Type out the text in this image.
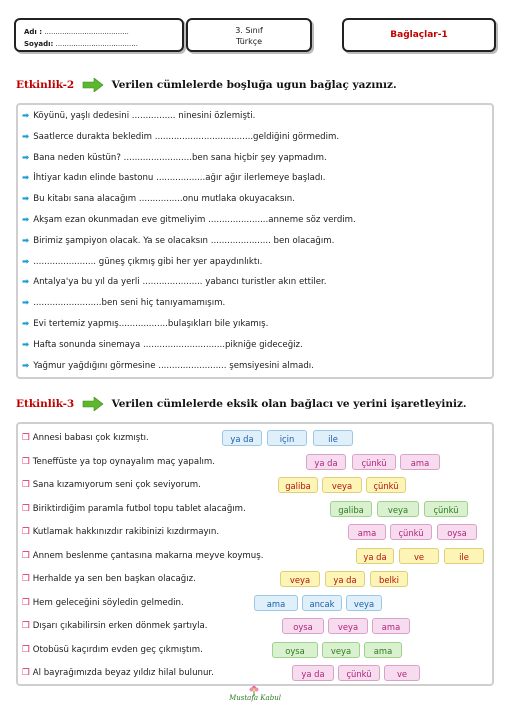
Adı : ......................................
Soyadı: .....................................
3. Sınıf
Türkçe
Bağlaçlar-1
Etkinlik-2	Verilen cümlelerde boşluğa ugun bağlaç yazınız.
➡ Köyünü, yaşlı dedesini ................ ninesini özlemişti.
➡ Saatlerce durakta bekledim ....................................geldiğini görmedim.
➡ Bana neden küstün? .........................ben sana hiçbir şey yapmadım.
➡ İhtiyar kadın elinde bastonu ..................ağır ağır ilerlemeye başladı.
➡ Bu kitabı sana alacağım ................onu mutlaka okuyacaksın.
➡ Akşam ezan okunmadan eve gitmeliyim ......................anneme söz verdim.
➡ Birimiz şampiyon olacak. Ya se olacaksın ...................... ben olacağım.
➡ ....................... güneş çıkmış gibi her yer apaydınlıktı.
➡ Antalya'ya bu yıl da yerli ...................... yabancı turistler akın ettiler.
➡ .........................ben seni hiç tanıyamamışım.
➡ Evi tertemiz yapmış..................bulaşıkları bile yıkamış.
➡ Hafta sonunda sinemaya ..............................pikniğe gideceğiz.
➡ Yağmur yağdığını görmesine ......................... şemsiyesini almadı.
Etkinlik-3	Verilen cümlelerde eksik olan bağlacı ve yerini işaretleyiniz.
❒ Annesi babası çok kızmıştı.	ya da	için	ile
❒ Teneffüste ya top oynayalım maç yapalım.	ya da	çünkü	ama
❒ Sana kızamıyorum seni çok seviyorum.	galiba	veya	çünkü
❒ Biriktirdiğim paramla futbol topu tablet alacağım.	galiba	veya	çünkü
❒ Kutlamak hakkınızdır rakibinizi kızdırmayın.	ama	çünkü	oysa
❒ Annem beslenme çantasına makarna meyve koymuş.	ya da	ve	ile
❒ Herhalde ya sen ben başkan olacağız.	veya	ya da	belki
❒ Hem geleceğini söyledin gelmedin.	ama	ancak	veya
❒ Dışarı çıkabilirsin erken dönmek şartıyla.	oysa	veya	ama
❒ Otobüsü kaçırdım evden geç çıkmıştım.	oysa	veya	ama
❒ Al bayrağımızda beyaz yıldız hilal bulunur.	ya da	çünkü	ve
Mustafa Kabul
